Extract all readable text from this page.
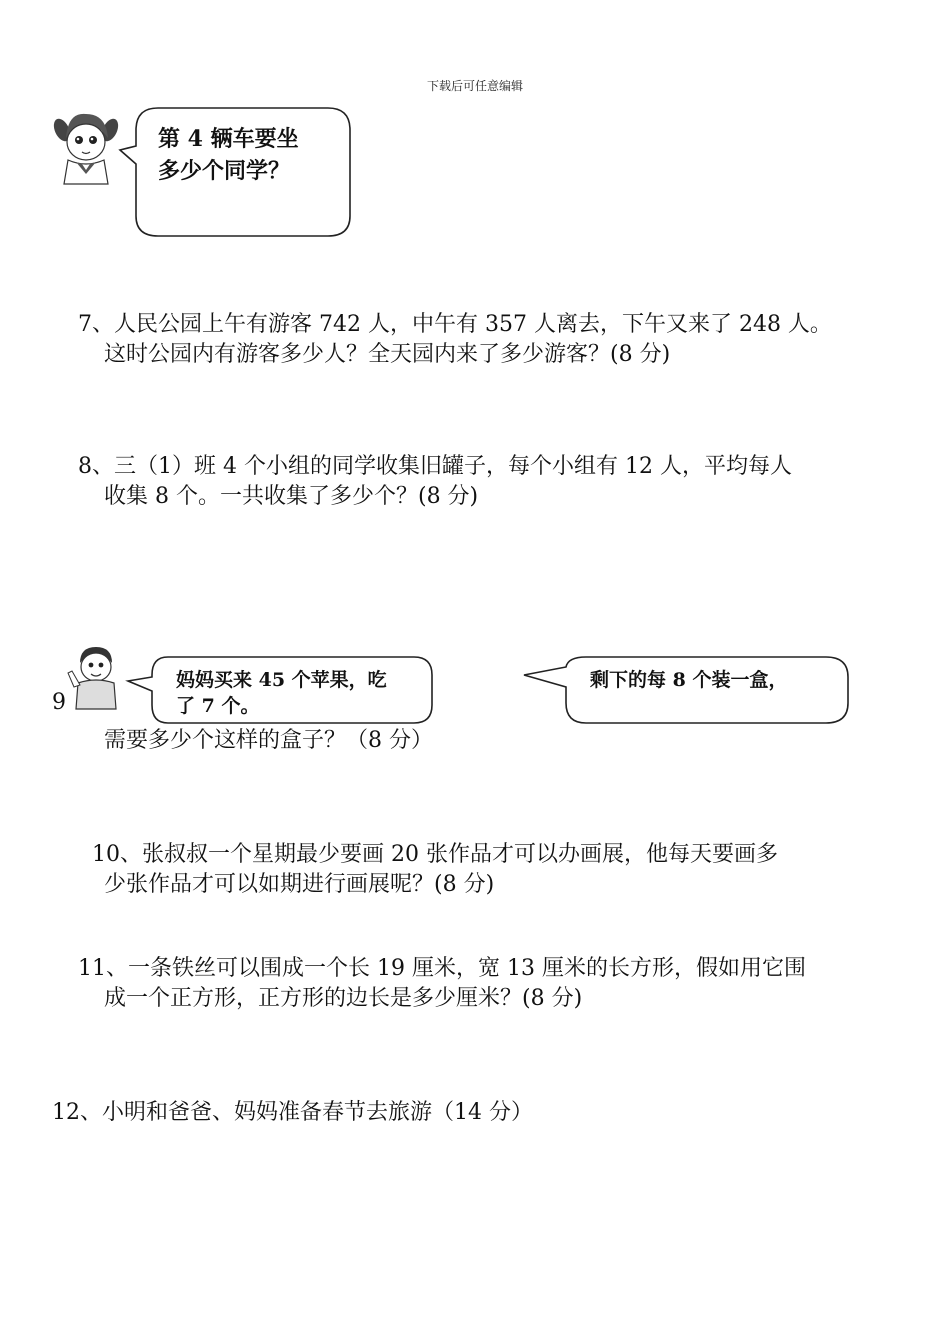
下载后可任意编辑
第 4 辆车要坐
多少个同学？
7、人民公园上午有游客 742 人，中午有 357 人离去，下午又来了 248 人。
这时公园内有游客多少人？全天园内来了多少游客？(8 分)
8、三（1）班 4 个小组的同学收集旧罐子，每个小组有 12 人，平均每人
收集 8 个。一共收集了多少个？(8 分)
9
妈妈买来 45 个苹果，吃
了 7 个。
剩下的每 8 个装一盒，
需要多少个这样的盒子？（8 分）
10、张叔叔一个星期最少要画 20 张作品才可以办画展，他每天要画多
少张作品才可以如期进行画展呢？(8 分)
11、一条铁丝可以围成一个长 19 厘米，宽 13 厘米的长方形，假如用它围
成一个正方形，正方形的边长是多少厘米？(8 分)
12、小明和爸爸、妈妈准备春节去旅游（14 分）
